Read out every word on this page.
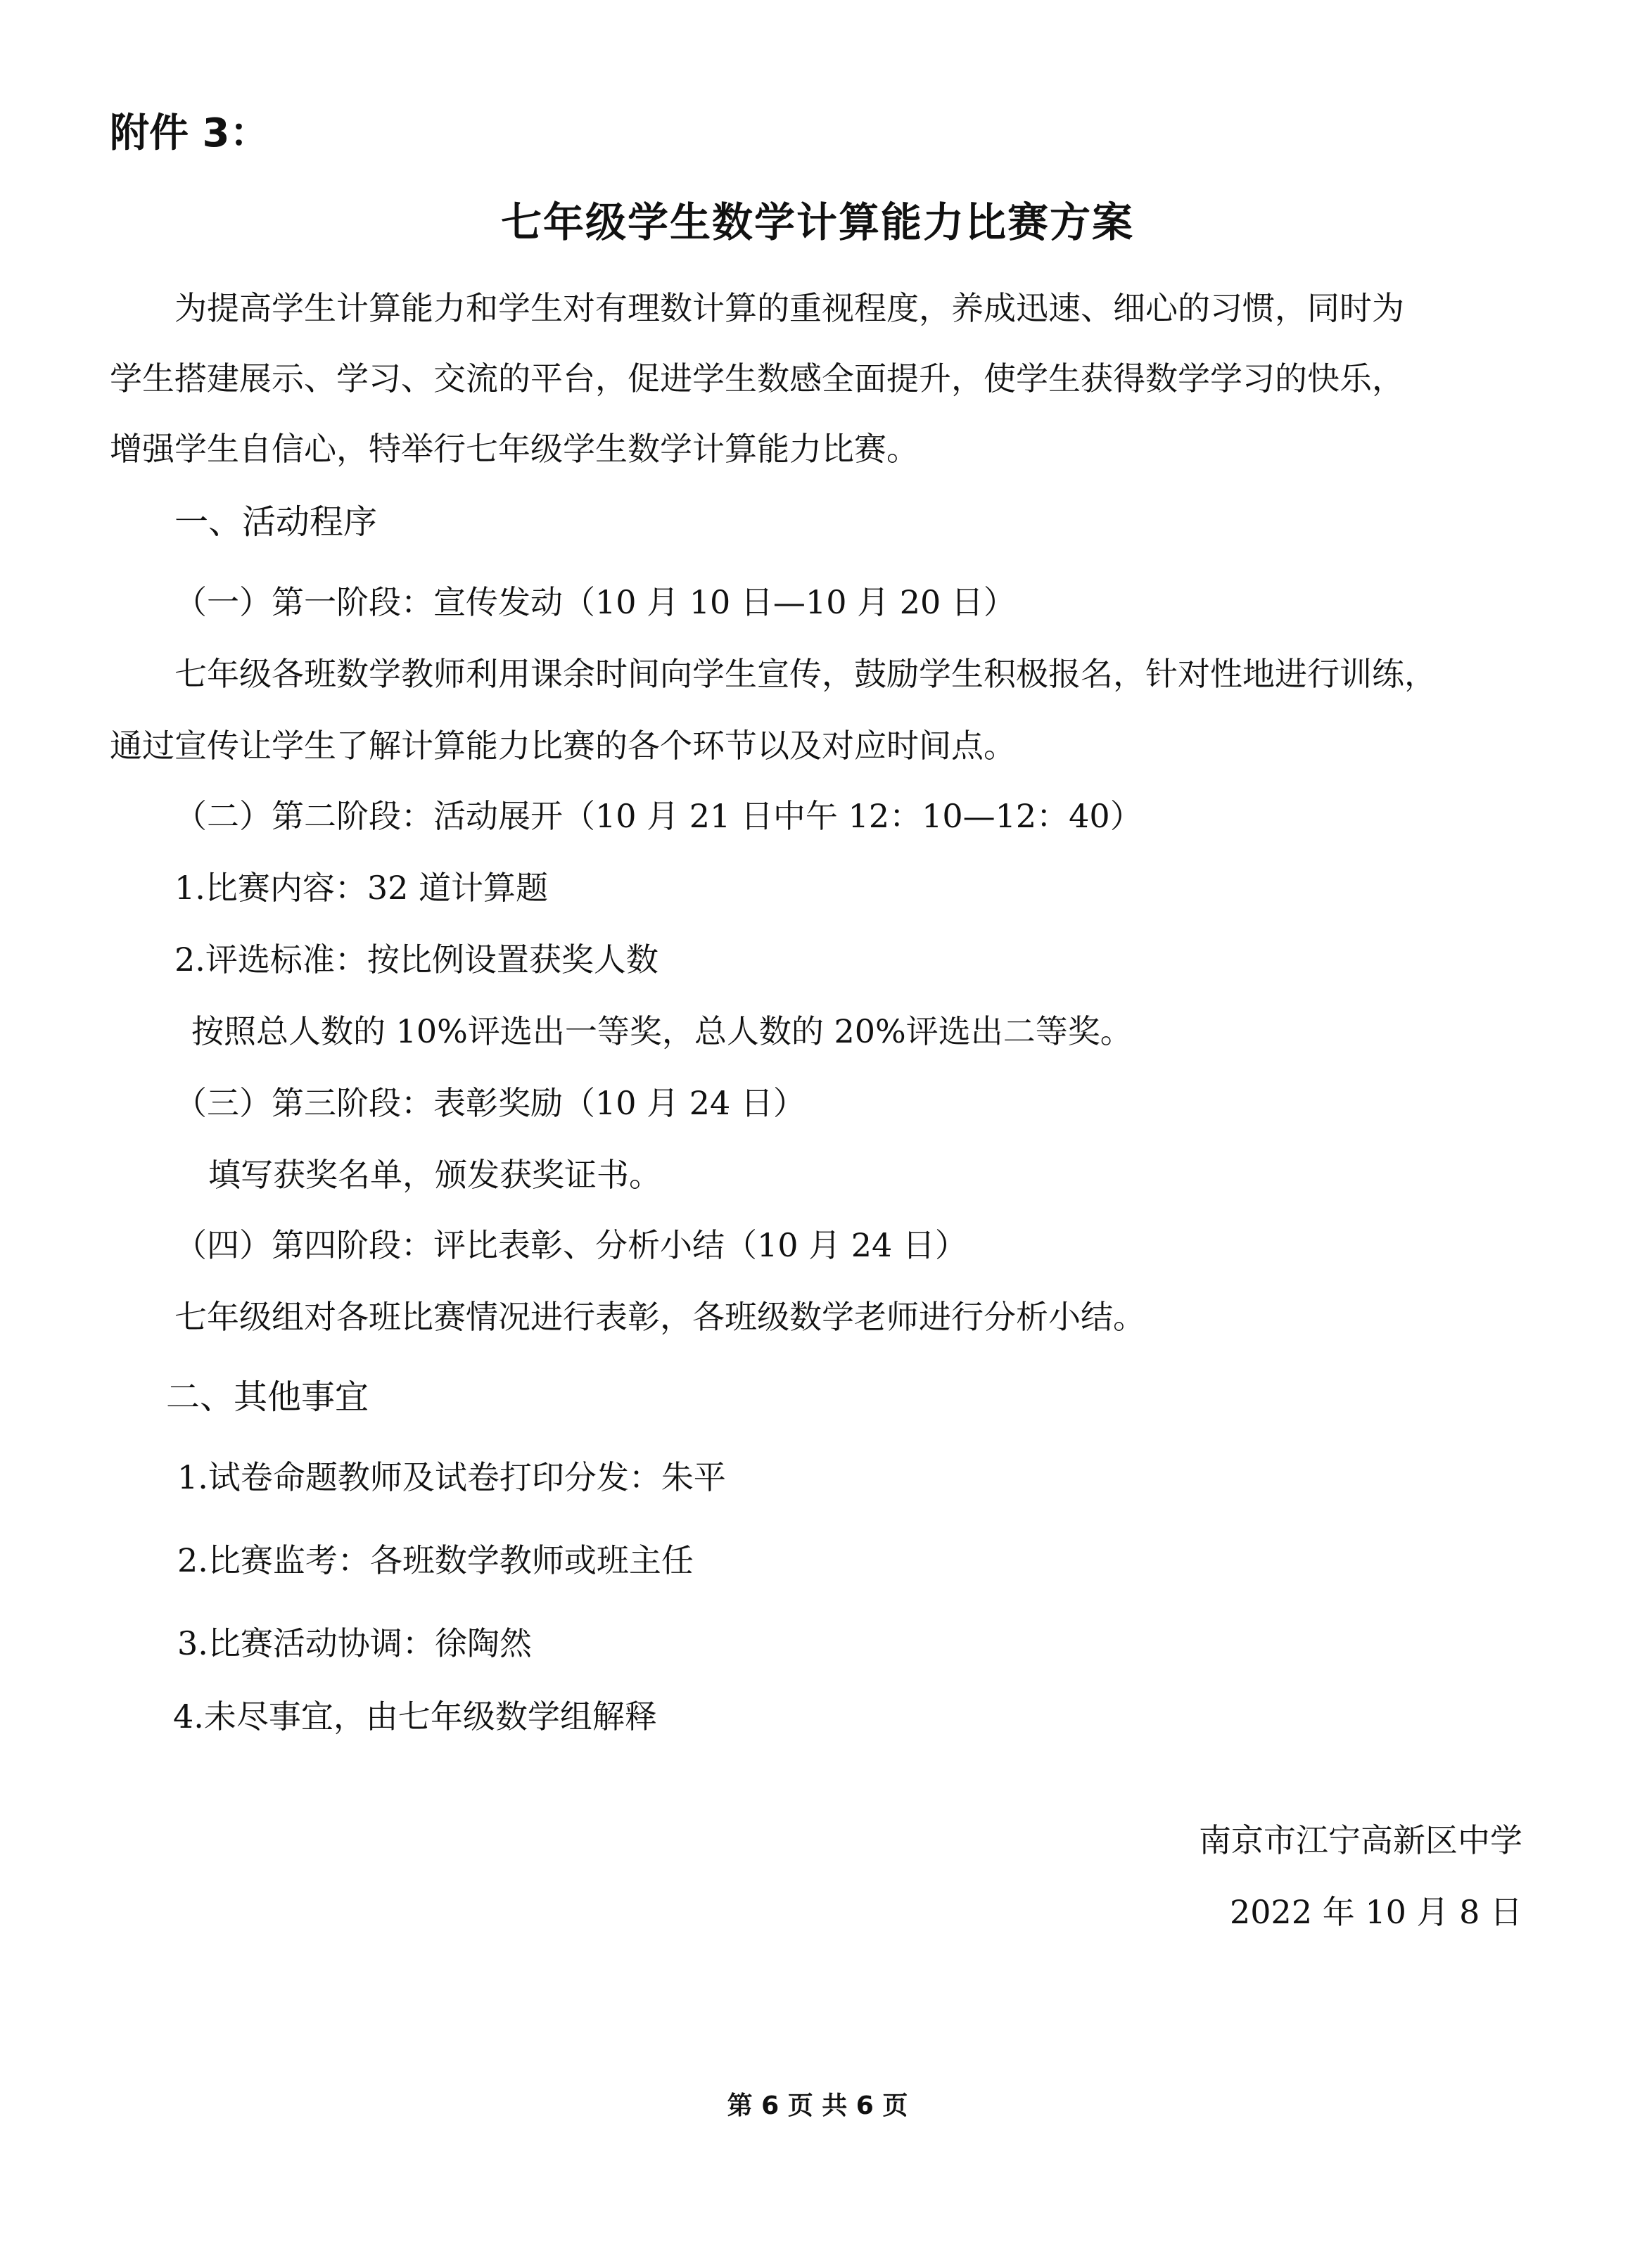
附件 3：
七年级学生数学计算能力比赛方案
为提高学生计算能力和学生对有理数计算的重视程度，养成迅速、细心的习惯，同时为
学生搭建展示、学习、交流的平台，促进学生数感全面提升，使学生获得数学学习的快乐，
增强学生自信心，特举行七年级学生数学计算能力比赛。
一、活动程序
（一）第一阶段：宣传发动（10 月 10 日—10 月 20 日）
七年级各班数学教师利用课余时间向学生宣传，鼓励学生积极报名，针对性地进行训练，
通过宣传让学生了解计算能力比赛的各个环节以及对应时间点。
（二）第二阶段：活动展开（10 月 21 日中午 12：10—12：40）
1.比赛内容：32 道计算题
2.评选标准：按比例设置获奖人数
按照总人数的 10%评选出一等奖，总人数的 20%评选出二等奖。
（三）第三阶段：表彰奖励（10 月 24 日）
填写获奖名单，颁发获奖证书。
（四）第四阶段：评比表彰、分析小结（10 月 24 日）
七年级组对各班比赛情况进行表彰，各班级数学老师进行分析小结。
二、其他事宜
1.试卷命题教师及试卷打印分发：朱平
2.比赛监考：各班数学教师或班主任
3.比赛活动协调：徐陶然
4.未尽事宜，由七年级数学组解释
南京市江宁高新区中学
2022 年 10 月 8 日
第 6 页 共 6 页
